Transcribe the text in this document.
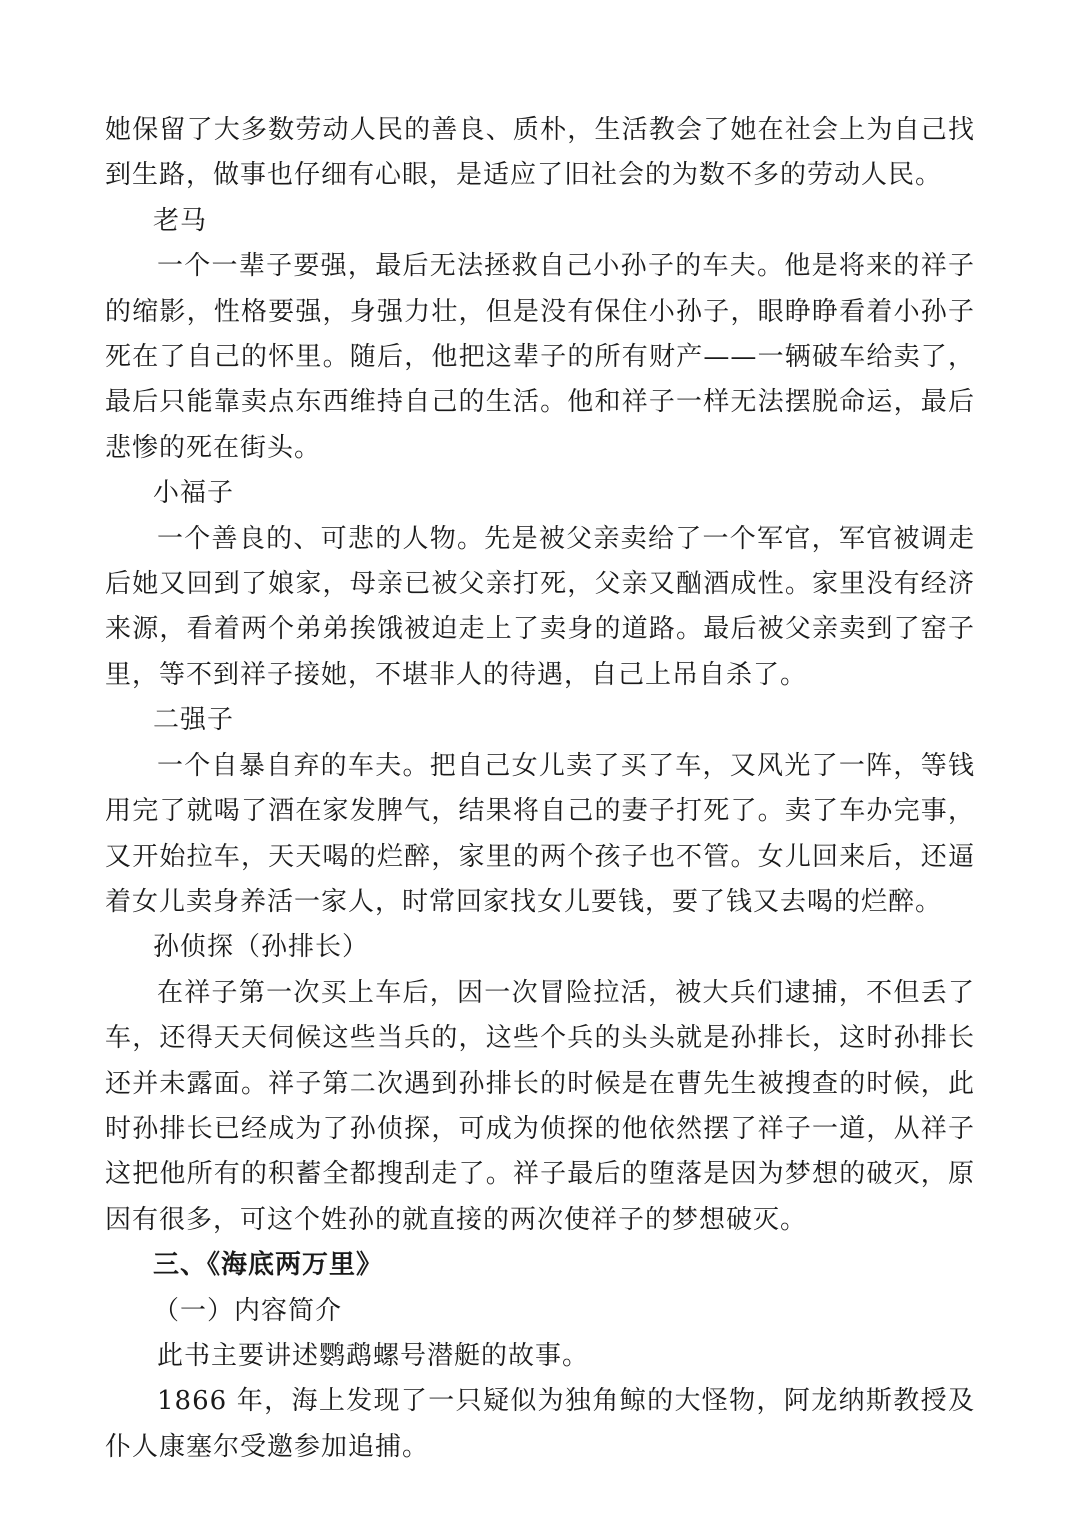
她保留了大多数劳动人民的善良、质朴，生活教会了她在社会上为自己找到生路，做事也仔细有心眼，是适应了旧社会的为数不多的劳动人民。

老马

一个一辈子要强，最后无法拯救自己小孙子的车夫。他是将来的祥子的缩影，性格要强，身强力壮，但是没有保住小孙子，眼睁睁看着小孙子死在了自己的怀里。随后，他把这辈子的所有财产——一辆破车给卖了，最后只能靠卖点东西维持自己的生活。他和祥子一样无法摆脱命运，最后悲惨的死在街头。

小福子

一个善良的、可悲的人物。先是被父亲卖给了一个军官，军官被调走后她又回到了娘家，母亲已被父亲打死，父亲又酗酒成性。家里没有经济来源，看着两个弟弟挨饿被迫走上了卖身的道路。最后被父亲卖到了窑子里，等不到祥子接她，不堪非人的待遇，自己上吊自杀了。

二强子

一个自暴自弃的车夫。把自己女儿卖了买了车，又风光了一阵，等钱用完了就喝了酒在家发脾气，结果将自己的妻子打死了。卖了车办完事，又开始拉车，天天喝的烂醉，家里的两个孩子也不管。女儿回来后，还逼着女儿卖身养活一家人，时常回家找女儿要钱，要了钱又去喝的烂醉。

孙侦探（孙排长）

在祥子第一次买上车后，因一次冒险拉活，被大兵们逮捕，不但丢了车，还得天天伺候这些当兵的，这些个兵的头头就是孙排长，这时孙排长还并未露面。祥子第二次遇到孙排长的时候是在曹先生被搜查的时候，此时孙排长已经成为了孙侦探，可成为侦探的他依然摆了祥子一道，从祥子这把他所有的积蓄全都搜刮走了。祥子最后的堕落是因为梦想的破灭，原因有很多，可这个姓孙的就直接的两次使祥子的梦想破灭。

三、《海底两万里》

（一）内容简介

此书主要讲述鹦鹉螺号潜艇的故事。

1866 年，海上发现了一只疑似为独角鲸的大怪物，阿龙纳斯教授及仆人康塞尔受邀参加追捕。
